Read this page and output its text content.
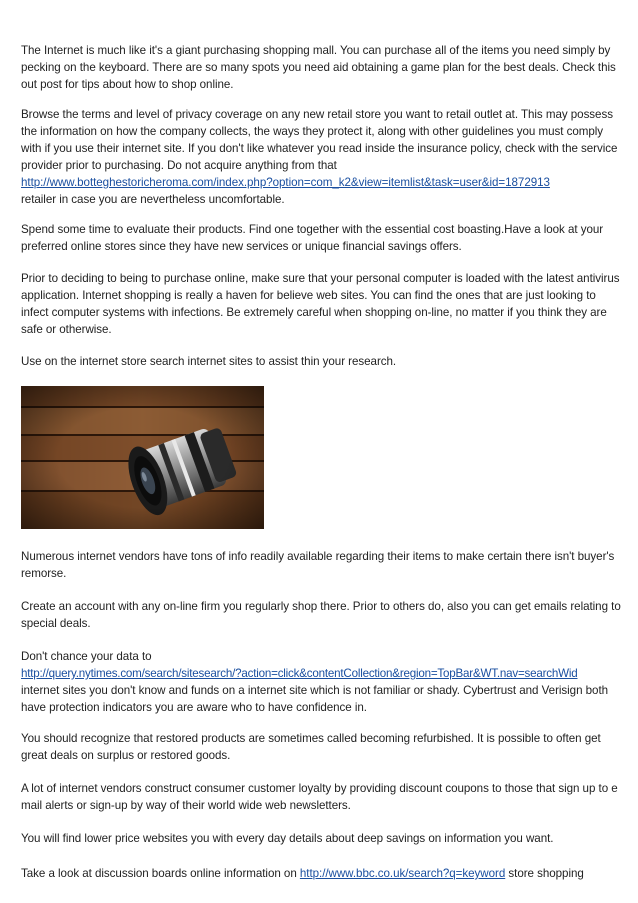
The Internet is much like it's a giant purchasing shopping mall. You can purchase all of the items you need simply by pecking on the keyboard. There are so many spots you need aid obtaining a game plan for the best deals. Check this out post for tips about how to shop online.

Browse the terms and level of privacy coverage on any new retail store you want to retail outlet at. This may possess the information on how the company collects, the ways they protect it, along with other guidelines you must comply with if you use their internet site. If you don't like whatever you read inside the insurance policy, check with the service provider prior to purchasing. Do not acquire anything from that
http://www.botteghestoricheroma.com/index.php?option=com_k2&view=itemlist&task=user&id=1872913
retailer in case you are nevertheless uncomfortable.

Spend some time to evaluate their products. Find one together with the essential cost boasting.Have a look at your preferred online stores since they have new services or unique financial savings offers.

Prior to deciding to being to purchase online, make sure that your personal computer is loaded with the latest antivirus application. Internet shopping is really a haven for believe web sites. You can find the ones that are just looking to infect computer systems with infections. Be extremely careful when shopping on-line, no matter if you think they are safe or otherwise.

Use on the internet store search internet sites to assist thin your research.

Numerous internet vendors have tons of info readily available regarding their items to make certain there isn't buyer's remorse.

Create an account with any on-line firm you regularly shop there. Prior to others do, also you can get emails relating to special deals.

Don't chance your data to
http://query.nytimes.com/search/sitesearch/?action=click&contentCollection&region=TopBar&WT.nav=searchWid
internet sites you don't know and funds on a internet site which is not familiar or shady. Cybertrust and Verisign both have protection indicators you are aware who to have confidence in.

You should recognize that restored products are sometimes called becoming refurbished. It is possible to often get great deals on surplus or restored goods.

A lot of internet vendors construct consumer customer loyalty by providing discount coupons to those that sign up to e mail alerts or sign-up by way of their world wide web newsletters.

You will find lower price websites you with every day details about deep savings on information you want.

Take a look at discussion boards online information on http://www.bbc.co.uk/search?q=keyword store shopping
